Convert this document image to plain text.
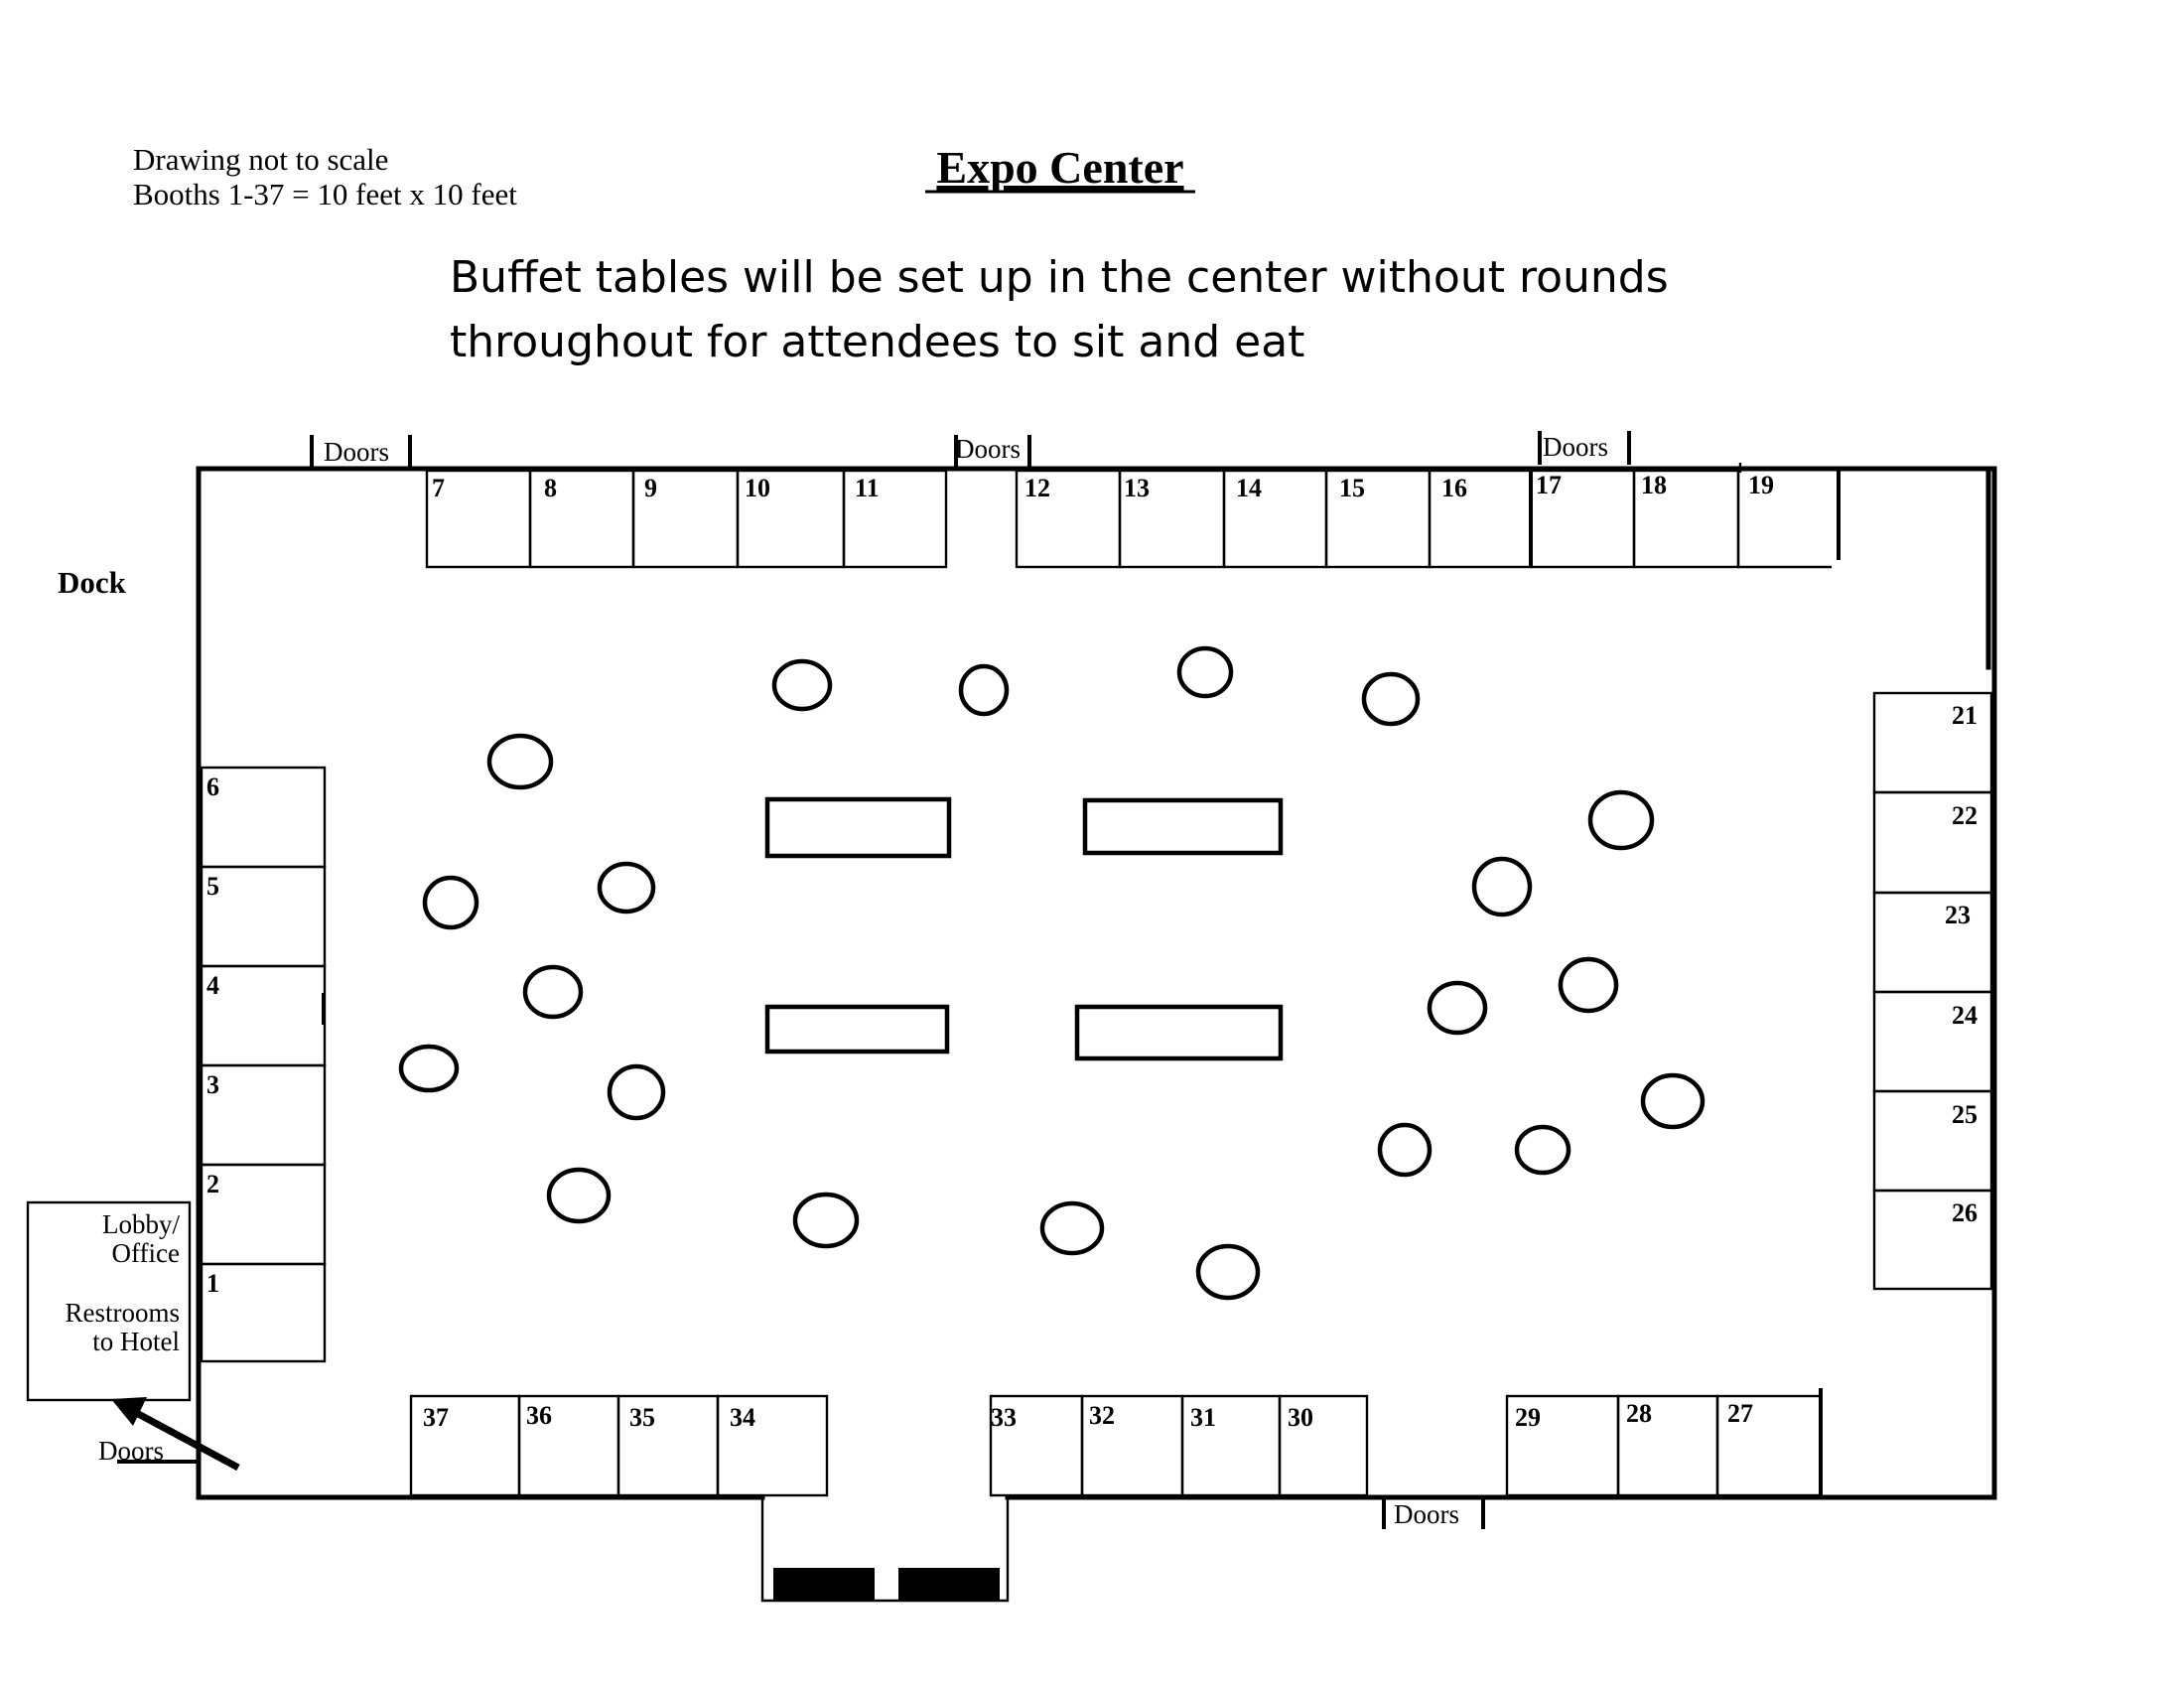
Drawing not to scale
Booths 1-37 = 10 feet x 10 feet
Expo Center
Buffet tables will be set up in the center without rounds
throughout for attendees to sit and eat
Dock
Doors	Doors	Doors
Doors
Doors
7	8	9	10	11	12	13	14	15	16	17	18	19
6
5
4
3
2
1
21
22
23
24
25
26
37	36	35	34	33	32	31	30	29	28	27
Lobby/
Office
Restrooms
to Hotel
